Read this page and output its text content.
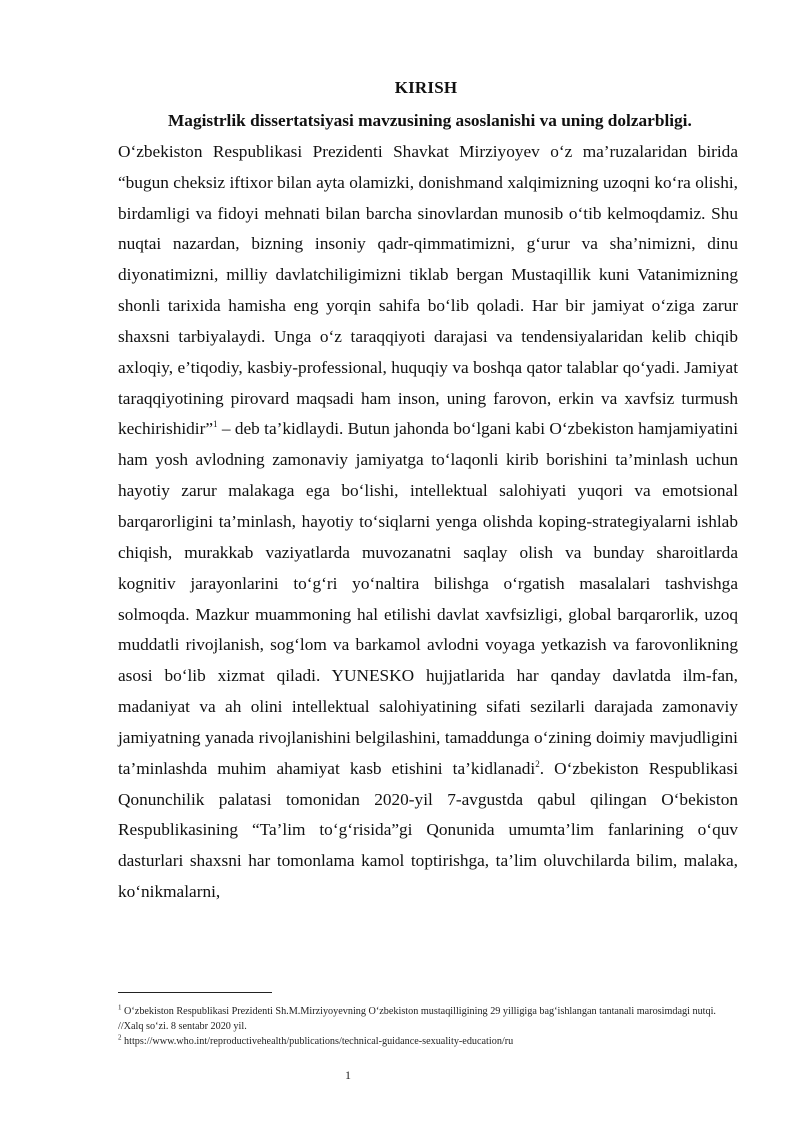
KIRISH

Magistrlik dissertatsiyasi mavzusining asoslanishi va uning dolzarbligi.

O‘zbekiston Respublikasi Prezidenti Shavkat Mirziyoyev o‘z ma’ruzalaridan birida “bugun cheksiz iftixor bilan ayta olamizki, donishmand xalqimizning uzoqni ko‘ra olishi, birdamligi va fidoyi mehnati bilan barcha sinovlardan munosib o‘tib kelmoqdamiz. Shu nuqtai nazardan, bizning insoniy qadr-qimmatimizni, g‘urur va sha’nimizni, dinu diyonatimizni, milliy davlatchiligimizni tiklab bergan Mustaqillik kuni Vatanimizning shonli tarixida hamisha eng yorqin sahifa bo‘lib qoladi. Har bir jamiyat o‘ziga zarur shaxsni tarbiyalaydi. Unga o‘z taraqqiyoti darajasi va tendensiyalaridan kelib chiqib axloqiy, e’tiqodiy, kasbiy-professional, huquqiy va boshqa qator talablar qo‘yadi. Jamiyat taraqqiyotining pirovard maqsadi ham inson, uning farovon, erkin va xavfsiz turmush kechirishidir”$^1$ – deb ta’kidlaydi. Butun jahonda bo‘lgani kabi O‘zbekiston hamjamiyatini ham yosh avlodning zamonaviy jamiyatga to‘laqonli kirib borishini ta’minlash uchun hayotiy zarur malakaga ega bo‘lishi, intellektual salohiyati yuqori va emotsional barqarorligini ta’minlash, hayotiy to‘siqlarni yenga olishda koping-strategiyalarni ishlab chiqish, murakkab vaziyatlarda muvozanatni saqlay olish va bunday sharoitlarda kognitiv jarayonlarini to‘g‘ri yo‘naltira bilishga o‘rgatish masalalari tashvishga solmoqda. Mazkur muammoning hal etilishi davlat xavfsizligi, global barqarorlik, uzoq muddatli rivojlanish, sog‘lom va barkamol avlodni voyaga yetkazish va farovonlikning asosi bo‘lib xizmat qiladi. YUNESKO hujjatlarida har qanday davlatda ilm-fan, madaniyat va ah olini intellektual salohiyatining sifati sezilarli darajada zamonaviy jamiyatning yanada rivojlanishini belgilashini, tamaddunga o‘zining doimiy mavjudligini ta’minlashda muhim ahamiyat kasb etishini ta’kidlanadi$^2$. O‘zbekiston Respublikasi Qonunchilik palatasi tomonidan 2020-yil 7-avgustda qabul qilingan O‘bekiston Respublikasining “Ta’lim to‘g‘risida”gi Qonunida umumta’lim fanlarining o‘quv dasturlari shaxsni har tomonlama kamol toptirishga, ta’lim oluvchilarda bilim, malaka, ko‘nikmalarni,

$^1$ O‘zbekiston Respublikasi Prezidenti Sh.M.Mirziyoyevning O‘zbekiston mustaqilligining 29 yilligiga bag‘ishlangan tantanali marosimdagi nutqi. //Xalq so‘zi. 8 sentabr 2020 yil.

$^2$ https://www.who.int/reproductivehealth/publications/technical-guidance-sexuality-education/ru

1
